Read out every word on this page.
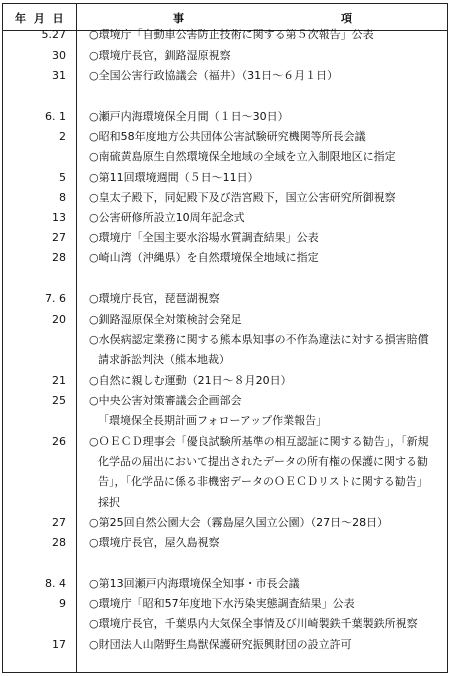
年 月 日	事	項
5.27 ○環境庁「自動車公害防止技術に関する第５次報告」公表
30 ○環境庁長官，釧路湿原視察
31 ○全国公害行政協議会（福井）（31日～６月１日）
6. 1 ○瀬戸内海環境保全月間（１日～30日）
2 ○昭和58年度地方公共団体公害試験研究機関等所長会議
○南硫黄島原生自然環境保全地域の全域を立入制限地区に指定
5 ○第11回環境週間（５日～11日）
8 ○皇太子殿下，同妃殿下及び浩宮殿下，国立公害研究所御視察
13 ○公害研修所設立10周年記念式
27 ○環境庁「全国主要水浴場水質調査結果」公表
28 ○崎山湾（沖縄県）を自然環境保全地域に指定
7. 6 ○環境庁長官，琵琶湖視察
20 ○釧路湿原保全対策検討会発足
○水俣病認定業務に関する熊本県知事の不作為違法に対する損害賠償
請求訴訟判決（熊本地裁）
21 ○自然に親しむ運動（21日～８月20日）
25 ○中央公害対策審議会企画部会
「環境保全長期計画フォローアップ作業報告」
26 ○ＯＥＣＤ理事会「優良試験所基準の相互認証に関する勧告」，「新規
化学品の届出において提出されたデータの所有権の保護に関する勧
告」，「化学品に係る非機密データのＯＥＣＤリストに関する勧告」
採択
27 ○第25回自然公園大会（霧島屋久国立公園）（27日～28日）
28 ○環境庁長官，屋久島視察
8. 4 ○第13回瀬戸内海環境保全知事・市長会議
9 ○環境庁「昭和57年度地下水汚染実態調査結果」公表
○環境庁長官，千葉県内大気保全事情及び川崎製鉄千葉製鉄所視察
17 ○財団法人山階野生鳥獣保護研究振興財団の設立許可
